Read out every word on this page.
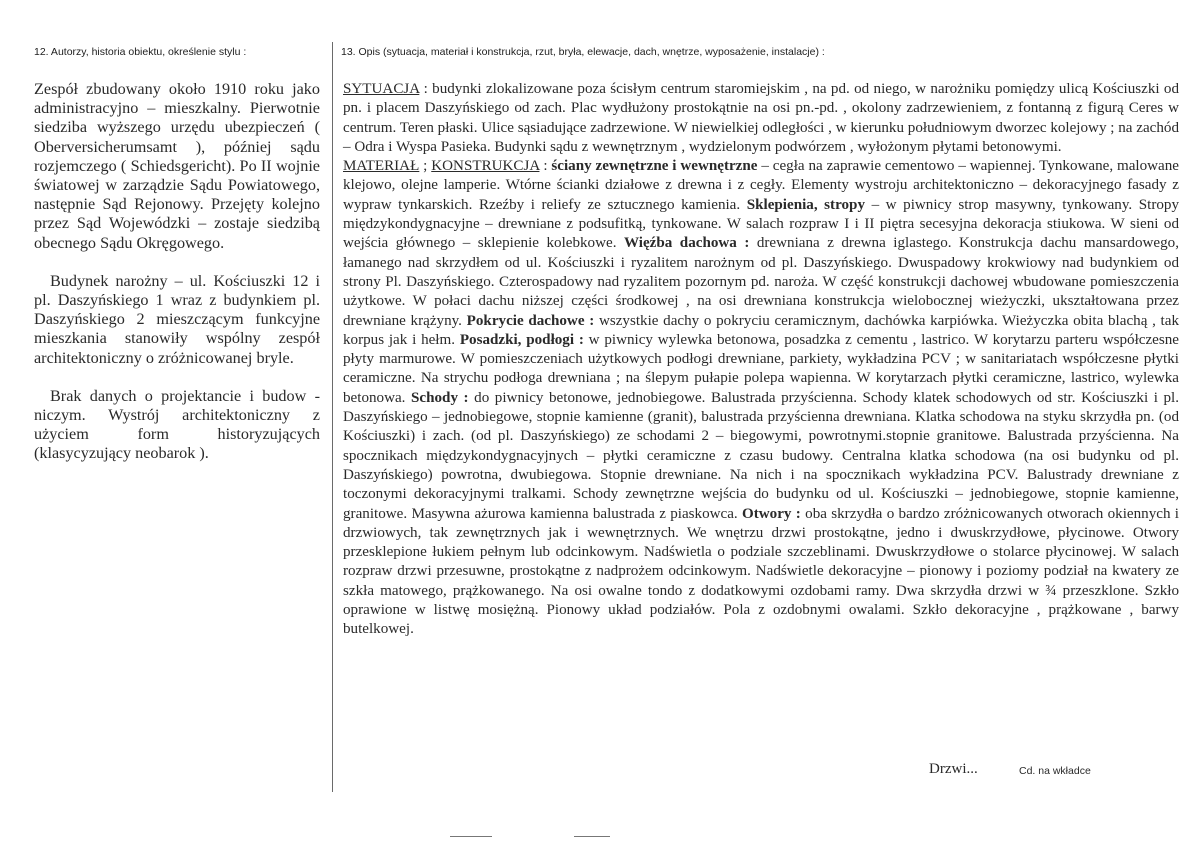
12. Autorzy, historia obiektu, określenie stylu :	13. Opis (sytuacja, materiał i konstrukcja, rzut, bryła, elewacje, dach, wnętrze, wyposażenie, instalacje) :

Zespół zbudowany około 1910 roku jako administracyjno – mieszkalny. Pierwotnie siedziba wyższego urzędu ubezpieczeń ( Oberversicherumsamt ), później sądu rozjemczego ( Schiedsgericht). Po II wojnie światowej w zarządzie Sądu Powiatowego, następnie Sąd Rejonowy. Przejęty kolejno przez Sąd Wojewódzki – zostaje siedzibą obecnego Sądu Okręgowego.

Budynek narożny – ul. Kościuszki 12 i pl. Daszyńskiego 1 wraz z budynkiem pl. Daszyńskiego 2 mieszczącym funkcyjne mieszkania stanowiły wspólny zespół architektoniczny o zróżnicowanej bryle.

Brak danych o projektancie i budow - niczym. Wystrój architektoniczny z użyciem form historyzujących (klasycyzujący neobarok ).

SYTUACJA : budynki zlokalizowane poza ścisłym centrum staromiejskim , na pd. od niego, w narożniku pomiędzy ulicą Kościuszki od pn. i placem Daszyńskiego od zach. Plac wydłużony prostokątnie na osi pn.-pd. , okolony zadrzewieniem, z fontanną z figurą Ceres w centrum. Teren płaski. Ulice sąsiadujące zadrzewione. W niewielkiej odległości , w kierunku południowym dworzec kolejowy ; na zachód – Odra i Wyspa Pasieka. Budynki sądu z wewnętrznym , wydzielonym podwórzem , wyłożonym płytami betonowymi.

MATERIAŁ ; KONSTRUKCJA : ściany zewnętrzne i wewnętrzne – cegła na zaprawie cementowo – wapiennej. Tynkowane, malowane klejowo, olejne lamperie. Wtórne ścianki działowe z drewna i z cegły. Elementy wystroju architektoniczno – dekoracyjnego fasady z wypraw tynkarskich. Rzeźby i reliefy ze sztucznego kamienia. Sklepienia, stropy – w piwnicy strop masywny, tynkowany. Stropy międzykondygnacyjne – drewniane z podsufitką, tynkowane. W salach rozpraw I i II piętra secesyjna dekoracja stiukowa. W sieni od wejścia głównego – sklepienie kolebkowe. Więźba dachowa : drewniana z drewna iglastego. Konstrukcja dachu mansardowego, łamanego nad skrzydłem od ul. Kościuszki i ryzalitem narożnym od pl. Daszyńskiego. Dwuspadowy krokwiowy nad budynkiem od strony Pl. Daszyńskiego. Czterospadowy nad ryzalitem pozornym pd. naroża. W część konstrukcji dachowej wbudowane pomieszczenia użytkowe. W połaci dachu niższej części środkowej , na osi drewniana konstrukcja wielobocznej wieżyczki, ukształtowana przez drewniane krążyny. Pokrycie dachowe : wszystkie dachy o pokryciu ceramicznym, dachówka karpiówka. Wieżyczka obita blachą , tak korpus jak i hełm. Posadzki, podłogi : w piwnicy wylewka betonowa, posadzka z cementu , lastrico. W korytarzu parteru współczesne płyty marmurowe. W pomieszczeniach użytkowych podłogi drewniane, parkiety, wykładzina PCV ; w sanitariatach współczesne płytki ceramiczne. Na strychu podłoga drewniana ; na ślepym pułapie polepa wapienna. W korytarzach płytki ceramiczne, lastrico, wylewka betonowa. Schody : do piwnicy betonowe, jednobiegowe. Balustrada przyścienna. Schody klatek schodowych od str. Kościuszki i pl. Daszyńskiego – jednobiegowe, stopnie kamienne (granit), balustrada przyścienna drewniana. Klatka schodowa na styku skrzydła pn. (od Kościuszki) i zach. (od pl. Daszyńskiego) ze schodami 2 – biegowymi, powrotnymi.stopnie granitowe. Balustrada przyścienna. Na spocznikach międzykondygnacyjnych – płytki ceramiczne z czasu budowy. Centralna klatka schodowa (na osi budynku od pl. Daszyńskiego) powrotna, dwubiegowa. Stopnie drewniane. Na nich i na spocznikach wykładzina PCV. Balustrady drewniane z toczonymi dekoracyjnymi tralkami. Schody zewnętrzne wejścia do budynku od ul. Kościuszki – jednobiegowe, stopnie kamienne, granitowe. Masywna ażurowa kamienna balustrada z piaskowca. Otwory : oba skrzydła o bardzo zróżnicowanych otworach okiennych i drzwiowych, tak zewnętrznych jak i wewnętrznych. We wnętrzu drzwi prostokątne, jedno i dwuskrzydłowe, płycinowe. Otwory przesklepione łukiem pełnym lub odcinkowym. Nadświetla o podziale szczeblinami. Dwuskrzydłowe o stolarce płycinowej. W salach rozpraw drzwi przesuwne, prostokątne z nadprożem odcinkowym. Nadświetle dekoracyjne – pionowy i poziomy podział na kwatery ze szkła matowego, prążkowanego. Na osi owalne tondo z dodatkowymi ozdobami ramy. Dwa skrzydła drzwi w ¾ przeszklone. Szkło oprawione w listwę mosiężną. Pionowy układ podziałów. Pola z ozdobnymi owalami. Szkło dekoracyjne , prążkowane , barwy butelkowej.

Drzwi...	Cd. na wkładce
